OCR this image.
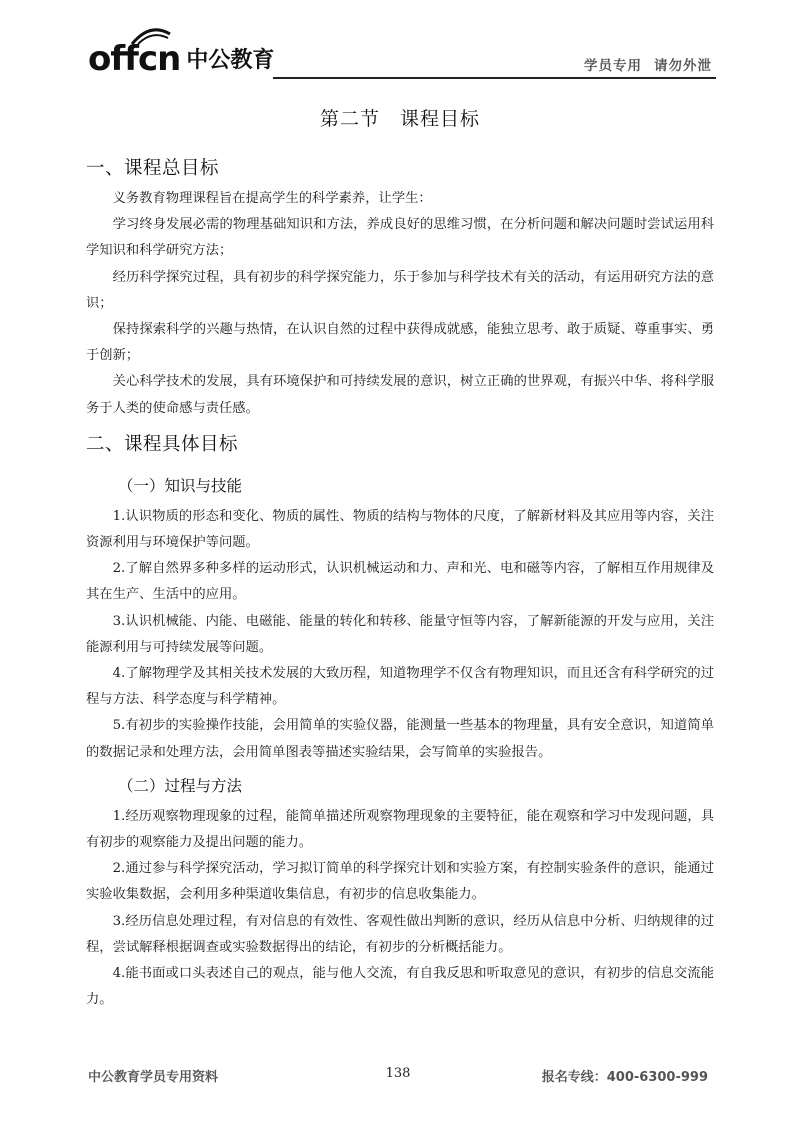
offcn 中公教育	学员专用 请勿外泄
第二节　课程目标
一、课程总目标

义务教育物理课程旨在提高学生的科学素养，让学生：

学习终身发展必需的物理基础知识和方法，养成良好的思维习惯，在分析问题和解决问题时尝试运用科学知识和科学研究方法；

经历科学探究过程，具有初步的科学探究能力，乐于参加与科学技术有关的活动，有运用研究方法的意识；

保持探索科学的兴趣与热情，在认识自然的过程中获得成就感，能独立思考、敢于质疑、尊重事实、勇于创新；

关心科学技术的发展，具有环境保护和可持续发展的意识，树立正确的世界观，有振兴中华、将科学服务于人类的使命感与责任感。

二、课程具体目标
（一）知识与技能

1.认识物质的形态和变化、物质的属性、物质的结构与物体的尺度，了解新材料及其应用等内容，关注资源利用与环境保护等问题。

2.了解自然界多种多样的运动形式，认识机械运动和力、声和光、电和磁等内容，了解相互作用规律及其在生产、生活中的应用。

3.认识机械能、内能、电磁能、能量的转化和转移、能量守恒等内容，了解新能源的开发与应用，关注能源利用与可持续发展等问题。

4.了解物理学及其相关技术发展的大致历程，知道物理学不仅含有物理知识，而且还含有科学研究的过程与方法、科学态度与科学精神。

5.有初步的实验操作技能，会用简单的实验仪器，能测量一些基本的物理量，具有安全意识，知道简单的数据记录和处理方法，会用简单图表等描述实验结果，会写简单的实验报告。

（二）过程与方法

1.经历观察物理现象的过程，能简单描述所观察物理现象的主要特征，能在观察和学习中发现问题，具有初步的观察能力及提出问题的能力。

2.通过参与科学探究活动，学习拟订简单的科学探究计划和实验方案，有控制实验条件的意识，能通过实验收集数据，会利用多种渠道收集信息，有初步的信息收集能力。

3.经历信息处理过程，有对信息的有效性、客观性做出判断的意识，经历从信息中分析、归纳规律的过程，尝试解释根据调查或实验数据得出的结论，有初步的分析概括能力。

4.能书面或口头表述自己的观点，能与他人交流，有自我反思和听取意见的意识，有初步的信息交流能力。

中公教育学员专用资料	138	报名专线：400-6300-999
